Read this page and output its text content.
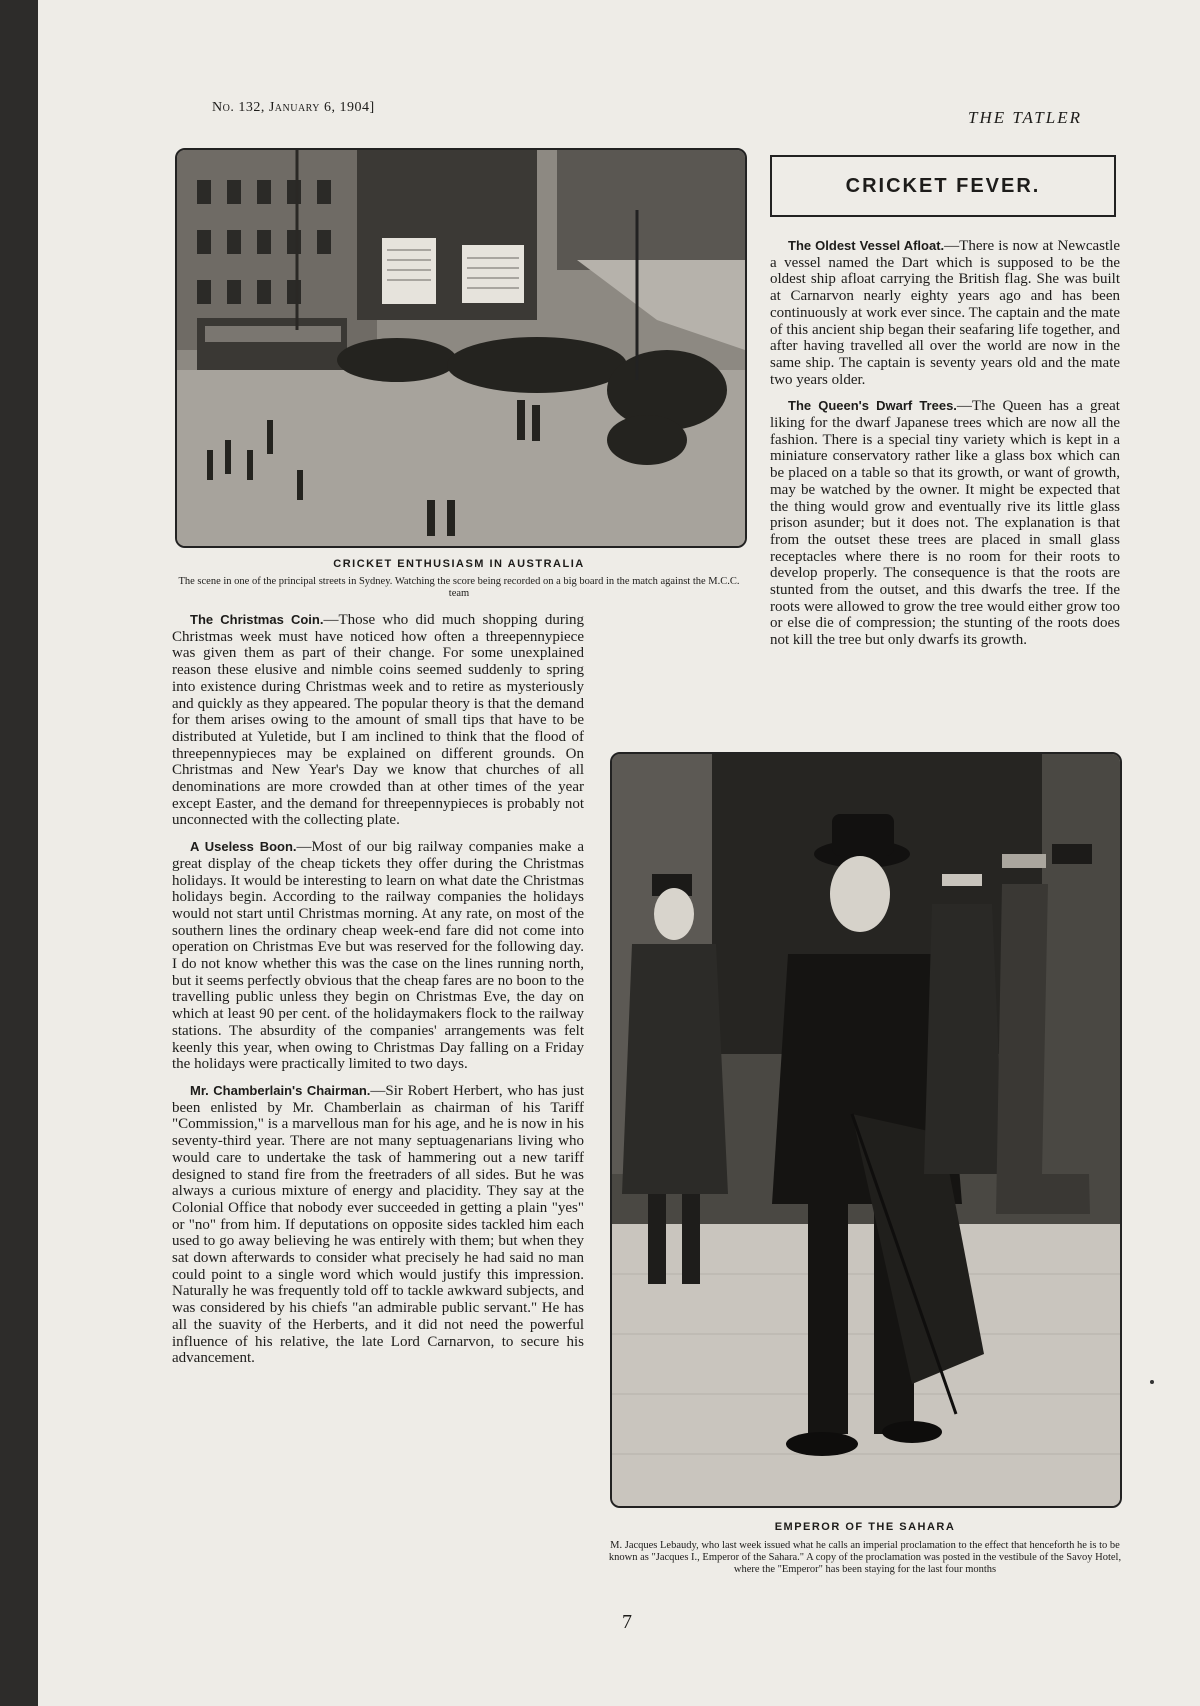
No. 132, January 6, 1904]
THE TATLER
CRICKET ENTHUSIASM IN AUSTRALIA
The scene in one of the principal streets in Sydney. Watching the score being recorded on a big board in the match against the M.C.C. team
CRICKET FEVER.

The Oldest Vessel Afloat.—There is now at Newcastle a vessel named the Dart which is supposed to be the oldest ship afloat carrying the British flag. She was built at Carnarvon nearly eighty years ago and has been continuously at work ever since. The captain and the mate of this ancient ship began their seafaring life together, and after having travelled all over the world are now in the same ship. The captain is seventy years old and the mate two years older.

The Queen's Dwarf Trees.—The Queen has a great liking for the dwarf Japanese trees which are now all the fashion. There is a special tiny variety which is kept in a miniature conservatory rather like a glass box which can be placed on a table so that its growth, or want of growth, may be watched by the owner. It might be expected that the thing would grow and eventually rive its little glass prison asunder; but it does not. The explanation is that from the outset these trees are placed in small glass receptacles where there is no room for their roots to develop properly. The consequence is that the roots are stunted from the outset, and this dwarfs the tree. If the roots were allowed to grow the tree would either grow too or else die of compression; the stunting of the roots does not kill the tree but only dwarfs its growth.

The Christmas Coin.—Those who did much shopping during Christmas week must have noticed how often a threepennypiece was given them as part of their change. For some unexplained reason these elusive and nimble coins seemed suddenly to spring into existence during Christmas week and to retire as mysteriously and quickly as they appeared. The popular theory is that the demand for them arises owing to the amount of small tips that have to be distributed at Yuletide, but I am inclined to think that the flood of threepennypieces may be explained on different grounds. On Christmas and New Year's Day we know that churches of all denominations are more crowded than at other times of the year except Easter, and the demand for threepennypieces is probably not unconnected with the collecting plate.

A Useless Boon.—Most of our big railway companies make a great display of the cheap tickets they offer during the Christmas holidays. It would be interesting to learn on what date the Christmas holidays begin. According to the railway companies the holidays would not start until Christmas morning. At any rate, on most of the southern lines the ordinary cheap week-end fare did not come into operation on Christmas Eve but was reserved for the following day. I do not know whether this was the case on the lines running north, but it seems perfectly obvious that the cheap fares are no boon to the travelling public unless they begin on Christmas Eve, the day on which at least 90 per cent. of the holidaymakers flock to the railway stations. The absurdity of the companies' arrangements was felt keenly this year, when owing to Christmas Day falling on a Friday the holidays were practically limited to two days.

Mr. Chamberlain's Chairman.—Sir Robert Herbert, who has just been enlisted by Mr. Chamberlain as chairman of his Tariff "Commission," is a marvellous man for his age, and he is now in his seventy-third year. There are not many septuagenarians living who would care to undertake the task of hammering out a new tariff designed to stand fire from the freetraders of all sides. But he was always a curious mixture of energy and placidity. They say at the Colonial Office that nobody ever succeeded in getting a plain "yes" or "no" from him. If deputations on opposite sides tackled him each used to go away believing he was entirely with them; but when they sat down afterwards to consider what precisely he had said no man could point to a single word which would justify this impression. Naturally he was frequently told off to tackle awkward subjects, and was considered by his chiefs "an admirable public servant." He has all the suavity of the Herberts, and it did not need the powerful influence of his relative, the late Lord Carnarvon, to secure his advancement.

EMPEROR OF THE SAHARA
M. Jacques Lebaudy, who last week issued what he calls an imperial proclamation to the effect that henceforth he is to be known as "Jacques I., Emperor of the Sahara." A copy of the proclamation was posted in the vestibule of the Savoy Hotel, where the "Emperor" has been staying for the last four months
7
